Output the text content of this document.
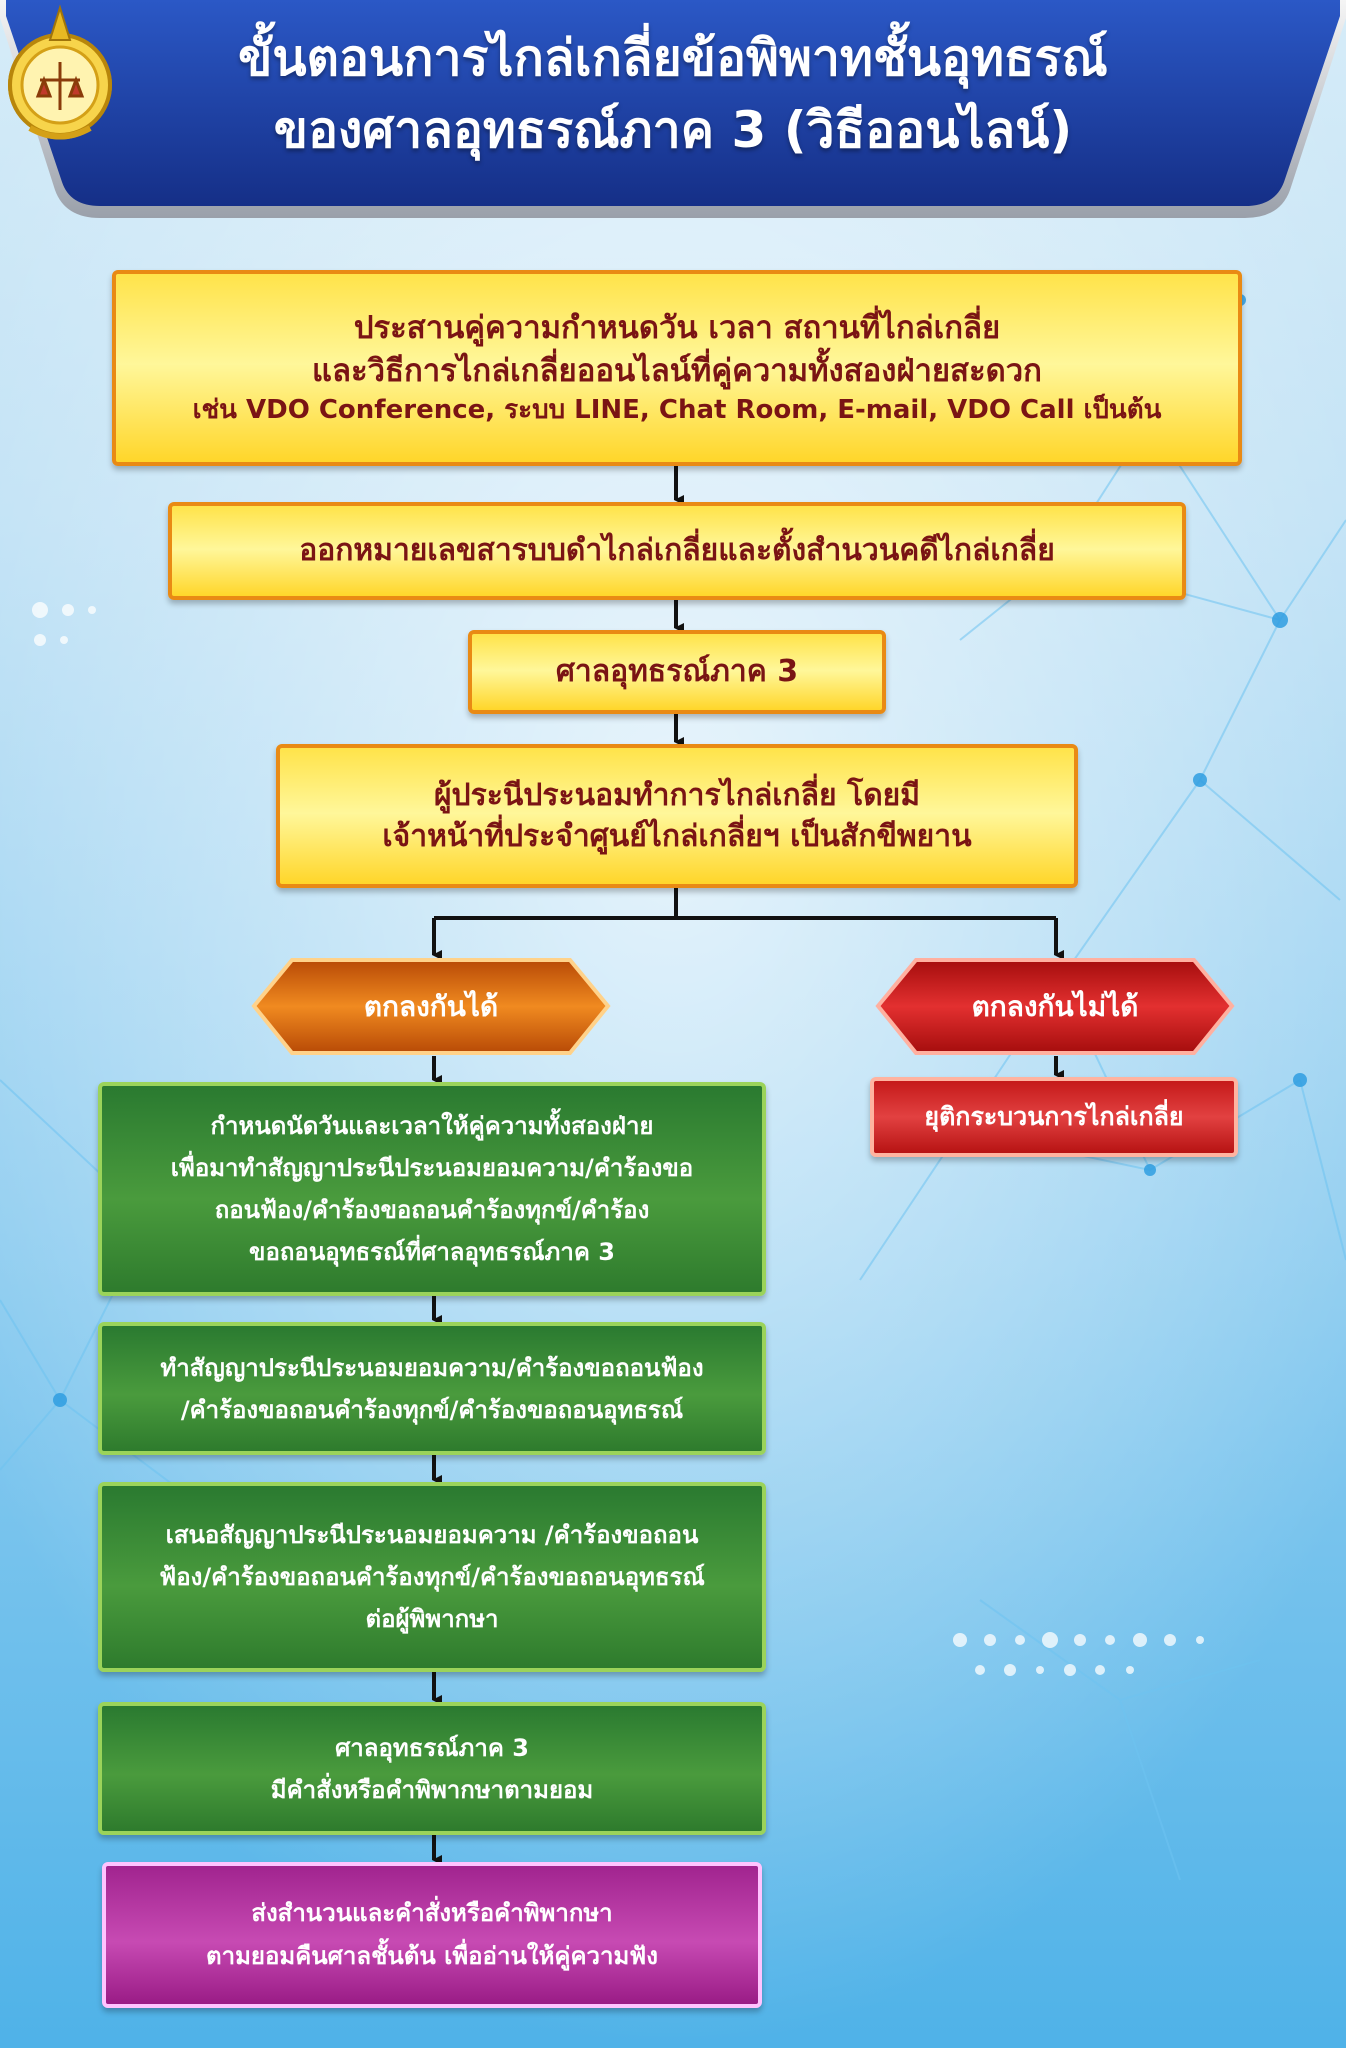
ขั้นตอนการไกล่เกลี่ยข้อพิพาทชั้นอุทธรณ์
ของศาลอุทธรณ์ภาค 3 (วิธีออนไลน์)
ประสานคู่ความกำหนดวัน เวลา สถานที่ไกล่เกลี่ย
และวิธีการไกล่เกลี่ยออนไลน์ที่คู่ความทั้งสองฝ่ายสะดวก
เช่น VDO Conference, ระบบ LINE, Chat Room, E-mail, VDO Call เป็นต้น
ออกหมายเลขสารบบดำไกล่เกลี่ยและตั้งสำนวนคดีไกล่เกลี่ย
ศาลอุทธรณ์ภาค 3
ผู้ประนีประนอมทำการไกล่เกลี่ย โดยมี
เจ้าหน้าที่ประจำศูนย์ไกล่เกลี่ยฯ เป็นสักขีพยาน
ตกลงกันได้	ตกลงกันไม่ได้
ยุติกระบวนการไกล่เกลี่ย
กำหนดนัดวันและเวลาให้คู่ความทั้งสองฝ่าย
เพื่อมาทำสัญญาประนีประนอมยอมความ/คำร้องขอ
ถอนฟ้อง/คำร้องขอถอนคำร้องทุกข์/คำร้อง
ขอถอนอุทธรณ์ที่ศาลอุทธรณ์ภาค 3
ทำสัญญาประนีประนอมยอมความ/คำร้องขอถอนฟ้อง
/คำร้องขอถอนคำร้องทุกข์/คำร้องขอถอนอุทธรณ์
เสนอสัญญาประนีประนอมยอมความ /คำร้องขอถอน
ฟ้อง/คำร้องขอถอนคำร้องทุกข์/คำร้องขอถอนอุทธรณ์
ต่อผู้พิพากษา
ศาลอุทธรณ์ภาค 3
มีคำสั่งหรือคำพิพากษาตามยอม
ส่งสำนวนและคำสั่งหรือคำพิพากษา
ตามยอมคืนศาลชั้นต้น เพื่ออ่านให้คู่ความฟัง
